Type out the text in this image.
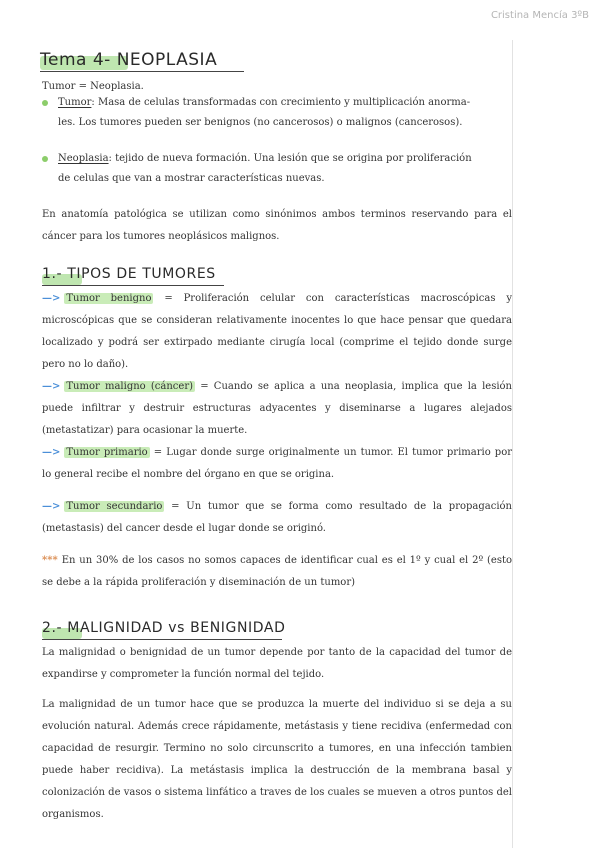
Cristina Mencía 3ºB
Tema 4- NEOPLASIA
Tumor = Neoplasia.
Tumor: Masa de celulas transformadas con crecimiento y multiplicación anorma-
les. Los tumores pueden ser benignos (no cancerosos) o malignos (cancerosos).
Neoplasia: tejido de nueva formación. Una lesión que se origina por proliferación
de celulas que van a mostrar características nuevas.
En anatomía patológica se utilizan como sinónimos ambos terminos reservando para el cáncer para los tumores neoplásicos malignos.
1.- TIPOS DE TUMORES
—> Tumor benigno = Proliferación celular con características macroscópicas y microscópicas que se consideran relativamente inocentes lo que hace pensar que quedara localizado y podrá ser extirpado mediante cirugía local (comprime el tejido donde surge pero no lo daño).
—> Tumor maligno (cáncer) = Cuando se aplica a una neoplasia, implica que la lesión puede infiltrar y destruir estructuras adyacentes y diseminarse a lugares alejados (metastatizar) para ocasionar la muerte.
—> Tumor primario = Lugar donde surge originalmente un tumor. El tumor primario por lo general recibe el nombre del órgano en que se origina.
—> Tumor secundario = Un tumor que se forma como resultado de la propagación (metastasis) del cancer desde el lugar donde se originó.
*** En un 30% de los casos no somos capaces de identificar cual es el 1º y cual el 2º (esto se debe a la rápida proliferación y diseminación de un tumor)
2.- MALIGNIDAD vs BENIGNIDAD
La malignidad o benignidad de un tumor depende por tanto de la capacidad del tumor de expandirse y comprometer la función normal del tejido.
La malignidad de un tumor hace que se produzca la muerte del individuo si se deja a su evolución natural. Además crece rápidamente, metástasis y tiene recidiva (enfermedad con capacidad de resurgir. Termino no solo circunscrito a tumores, en una infección tambien puede haber recidiva). La metástasis implica la destrucción de la membrana basal y colonización de vasos o sistema linfático a traves de los cuales se mueven a otros puntos del organismos.
